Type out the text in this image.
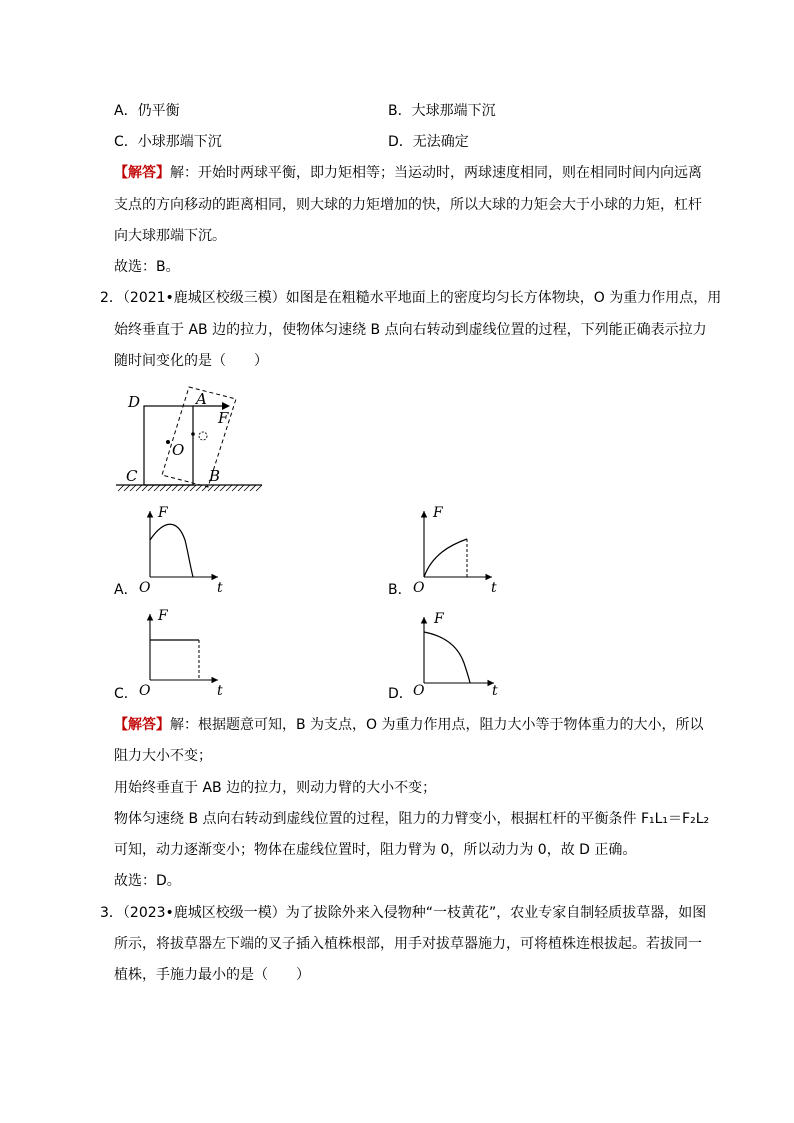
A．仍平衡	B．大球那端下沉
C．小球那端下沉	D．无法确定
【解答】解：开始时两球平衡，即力矩相等；当运动时，两球速度相同，则在相同时间内向远离
支点的方向移动的距离相同，则大球的力矩增加的快，所以大球的力矩会大于小球的力矩，杠杆
向大球那端下沉。
故选：B。
2．（2021•鹿城区校级三模）如图是在粗糙水平地面上的密度均匀长方体物块，O 为重力作用点，用
始终垂直于 AB 边的拉力，使物体匀速绕 B 点向右转动到虚线位置的过程，下列能正确表示拉力
随时间变化的是（　　）
D	A
F
O
C	B
F
A． O	t
F
B． O	t
F
C． O	t
F
D． O	t
【解答】解：根据题意可知，B 为支点，O 为重力作用点，阻力大小等于物体重力的大小，所以
阻力大小不变；
用始终垂直于 AB 边的拉力，则动力臂的大小不变；
物体匀速绕 B 点向右转动到虚线位置的过程，阻力的力臂变小，根据杠杆的平衡条件 F₁L₁＝F₂L₂
可知，动力逐渐变小；物体在虚线位置时，阻力臂为 0，所以动力为 0，故 D 正确。
故选：D。
3．（2023•鹿城区校级一模）为了拔除外来入侵物种“一枝黄花”，农业专家自制轻质拔草器，如图
所示，将拔草器左下端的叉子插入植株根部，用手对拔草器施力，可将植株连根拔起。若拔同一
植株，手施力最小的是（　　）
